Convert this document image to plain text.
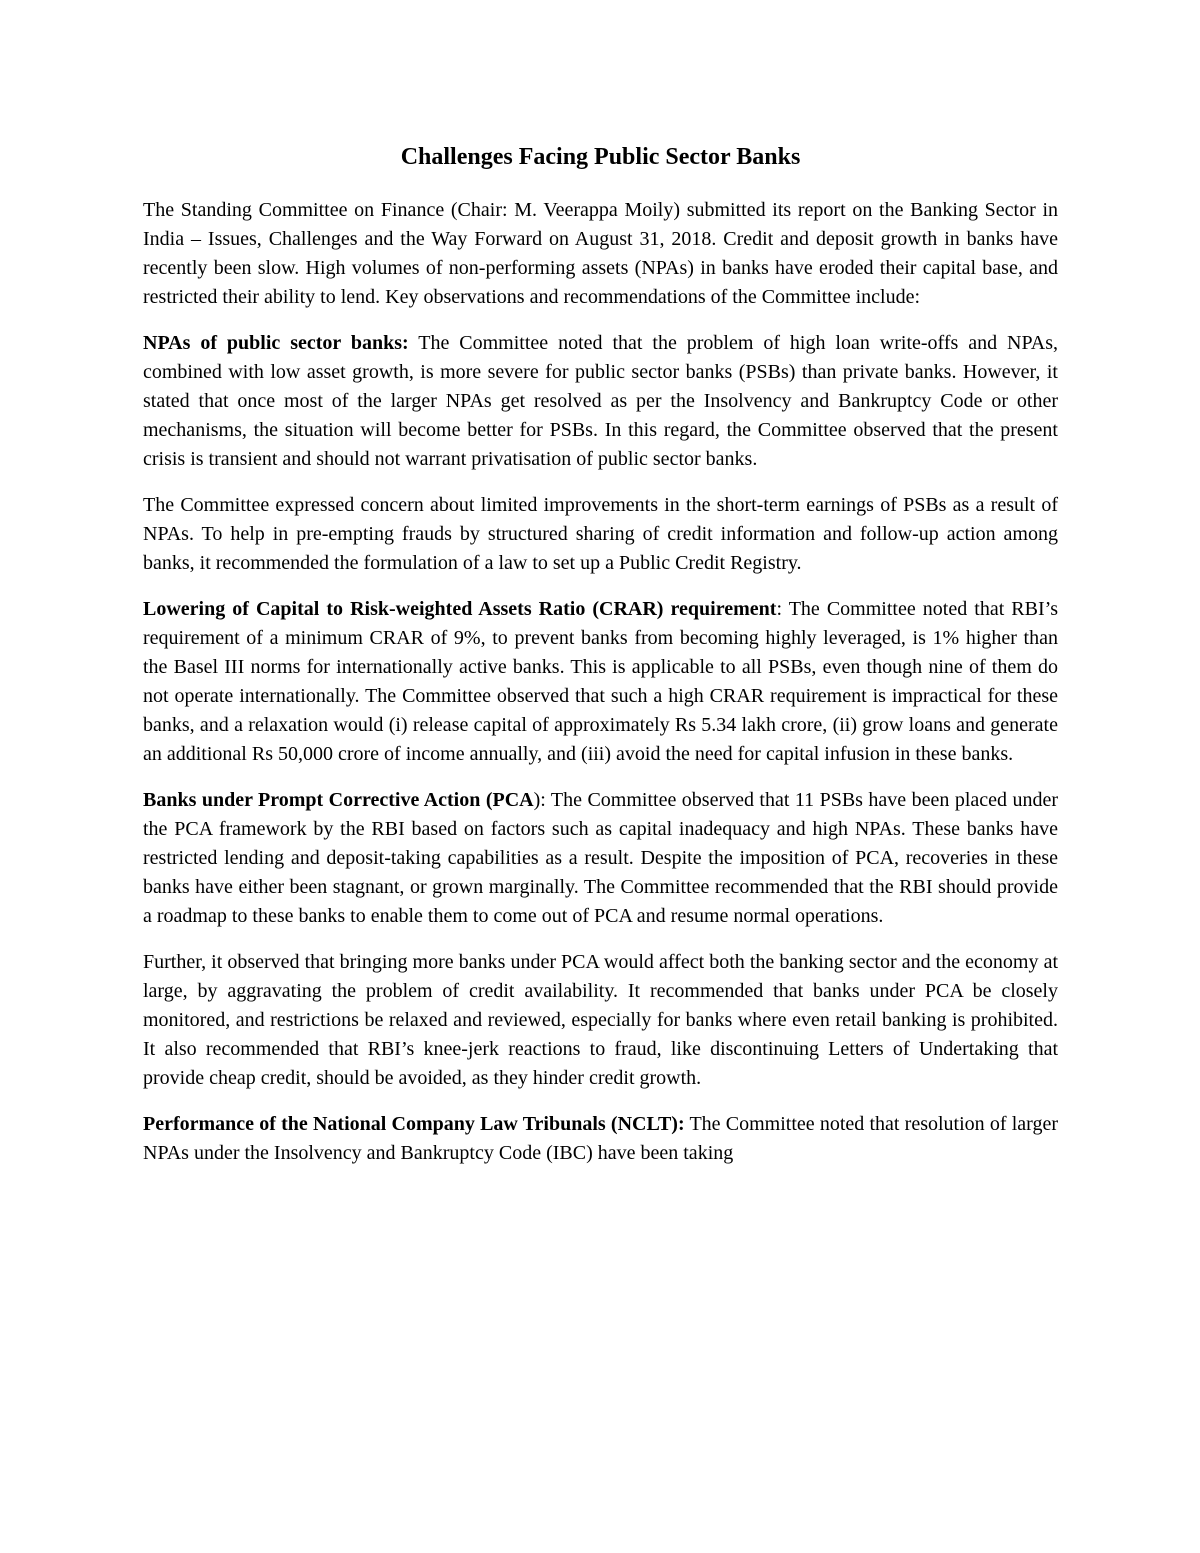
Challenges Facing Public Sector Banks

The Standing Committee on Finance (Chair: M. Veerappa Moily) submitted its report on the Banking Sector in India – Issues, Challenges and the Way Forward on August 31, 2018. Credit and deposit growth in banks have recently been slow. High volumes of non-performing assets (NPAs) in banks have eroded their capital base, and restricted their ability to lend. Key observations and recommendations of the Committee include:

NPAs of public sector banks: The Committee noted that the problem of high loan write-offs and NPAs, combined with low asset growth, is more severe for public sector banks (PSBs) than private banks. However, it stated that once most of the larger NPAs get resolved as per the Insolvency and Bankruptcy Code or other mechanisms, the situation will become better for PSBs. In this regard, the Committee observed that the present crisis is transient and should not warrant privatisation of public sector banks.

The Committee expressed concern about limited improvements in the short-term earnings of PSBs as a result of NPAs. To help in pre-empting frauds by structured sharing of credit information and follow-up action among banks, it recommended the formulation of a law to set up a Public Credit Registry.

Lowering of Capital to Risk-weighted Assets Ratio (CRAR) requirement: The Committee noted that RBI’s requirement of a minimum CRAR of 9%, to prevent banks from becoming highly leveraged, is 1% higher than the Basel III norms for internationally active banks. This is applicable to all PSBs, even though nine of them do not operate internationally. The Committee observed that such a high CRAR requirement is impractical for these banks, and a relaxation would (i) release capital of approximately Rs 5.34 lakh crore, (ii) grow loans and generate an additional Rs 50,000 crore of income annually, and (iii) avoid the need for capital infusion in these banks.

Banks under Prompt Corrective Action (PCA): The Committee observed that 11 PSBs have been placed under the PCA framework by the RBI based on factors such as capital inadequacy and high NPAs. These banks have restricted lending and deposit-taking capabilities as a result. Despite the imposition of PCA, recoveries in these banks have either been stagnant, or grown marginally. The Committee recommended that the RBI should provide a roadmap to these banks to enable them to come out of PCA and resume normal operations.

Further, it observed that bringing more banks under PCA would affect both the banking sector and the economy at large, by aggravating the problem of credit availability. It recommended that banks under PCA be closely monitored, and restrictions be relaxed and reviewed, especially for banks where even retail banking is prohibited. It also recommended that RBI’s knee-jerk reactions to fraud, like discontinuing Letters of Undertaking that provide cheap credit, should be avoided, as they hinder credit growth.

Performance of the National Company Law Tribunals (NCLT): The Committee noted that resolution of larger NPAs under the Insolvency and Bankruptcy Code (IBC) have been taking
